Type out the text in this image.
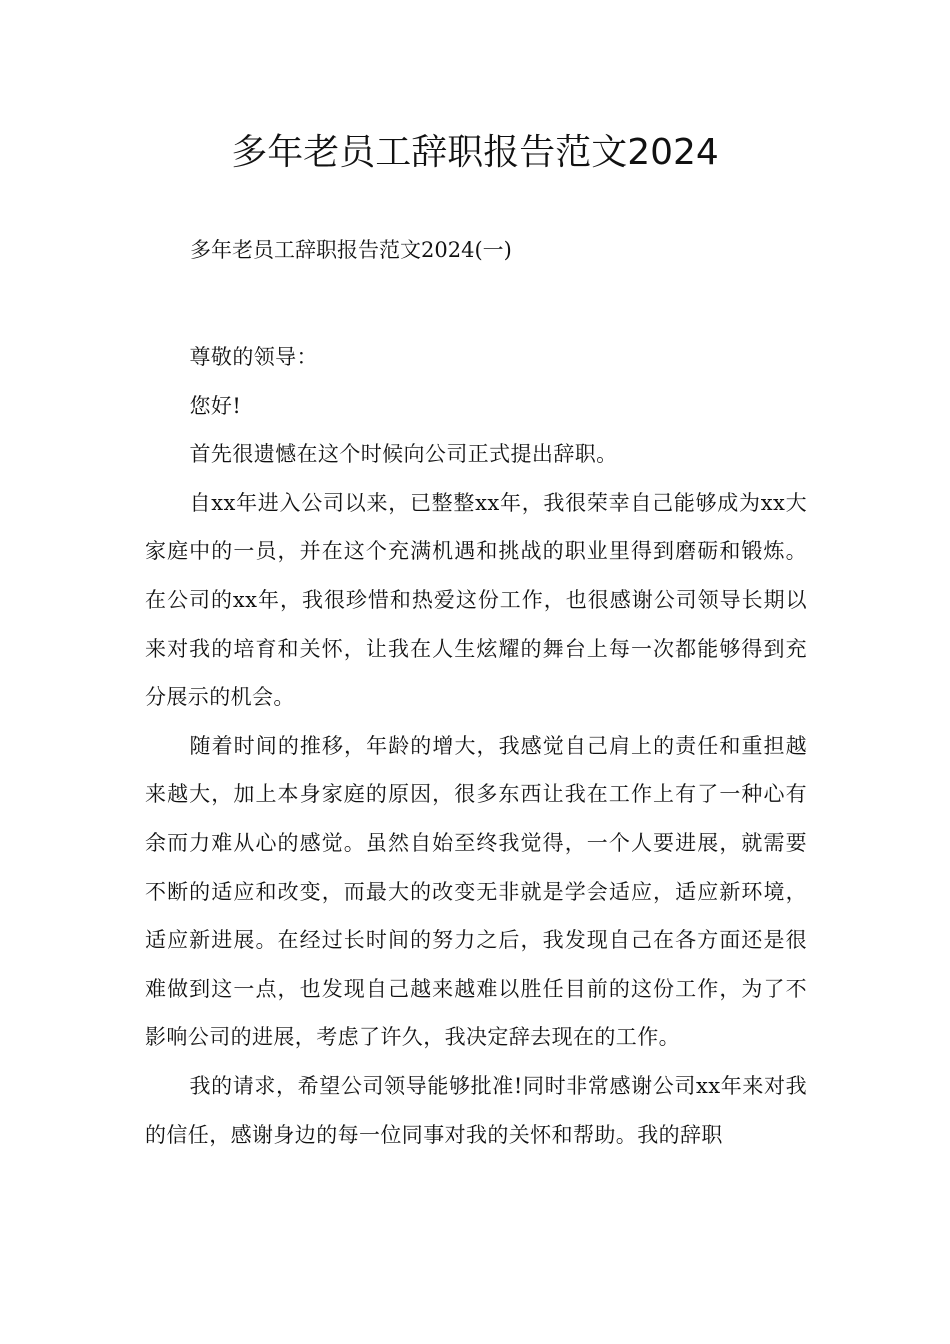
多年老员工辞职报告范文2024

多年老员工辞职报告范文2024(一)

尊敬的领导：

您好!

首先很遗憾在这个时候向公司正式提出辞职。

自xx年进入公司以来，已整整xx年，我很荣幸自己能够成为xx大家庭中的一员，并在这个充满机遇和挑战的职业里得到磨砺和锻炼。在公司的xx年，我很珍惜和热爱这份工作，也很感谢公司领导长期以来对我的培育和关怀，让我在人生炫耀的舞台上每一次都能够得到充分展示的机会。

随着时间的推移，年龄的增大，我感觉自己肩上的责任和重担越来越大，加上本身家庭的原因，很多东西让我在工作上有了一种心有余而力难从心的感觉。虽然自始至终我觉得，一个人要进展，就需要不断的适应和改变，而最大的改变无非就是学会适应，适应新环境，适应新进展。在经过长时间的努力之后，我发现自己在各方面还是很难做到这一点，也发现自己越来越难以胜任目前的这份工作，为了不影响公司的进展，考虑了许久，我决定辞去现在的工作。

我的请求，希望公司领导能够批准!同时非常感谢公司xx年来对我的信任，感谢身边的每一位同事对我的关怀和帮助。我的辞职
